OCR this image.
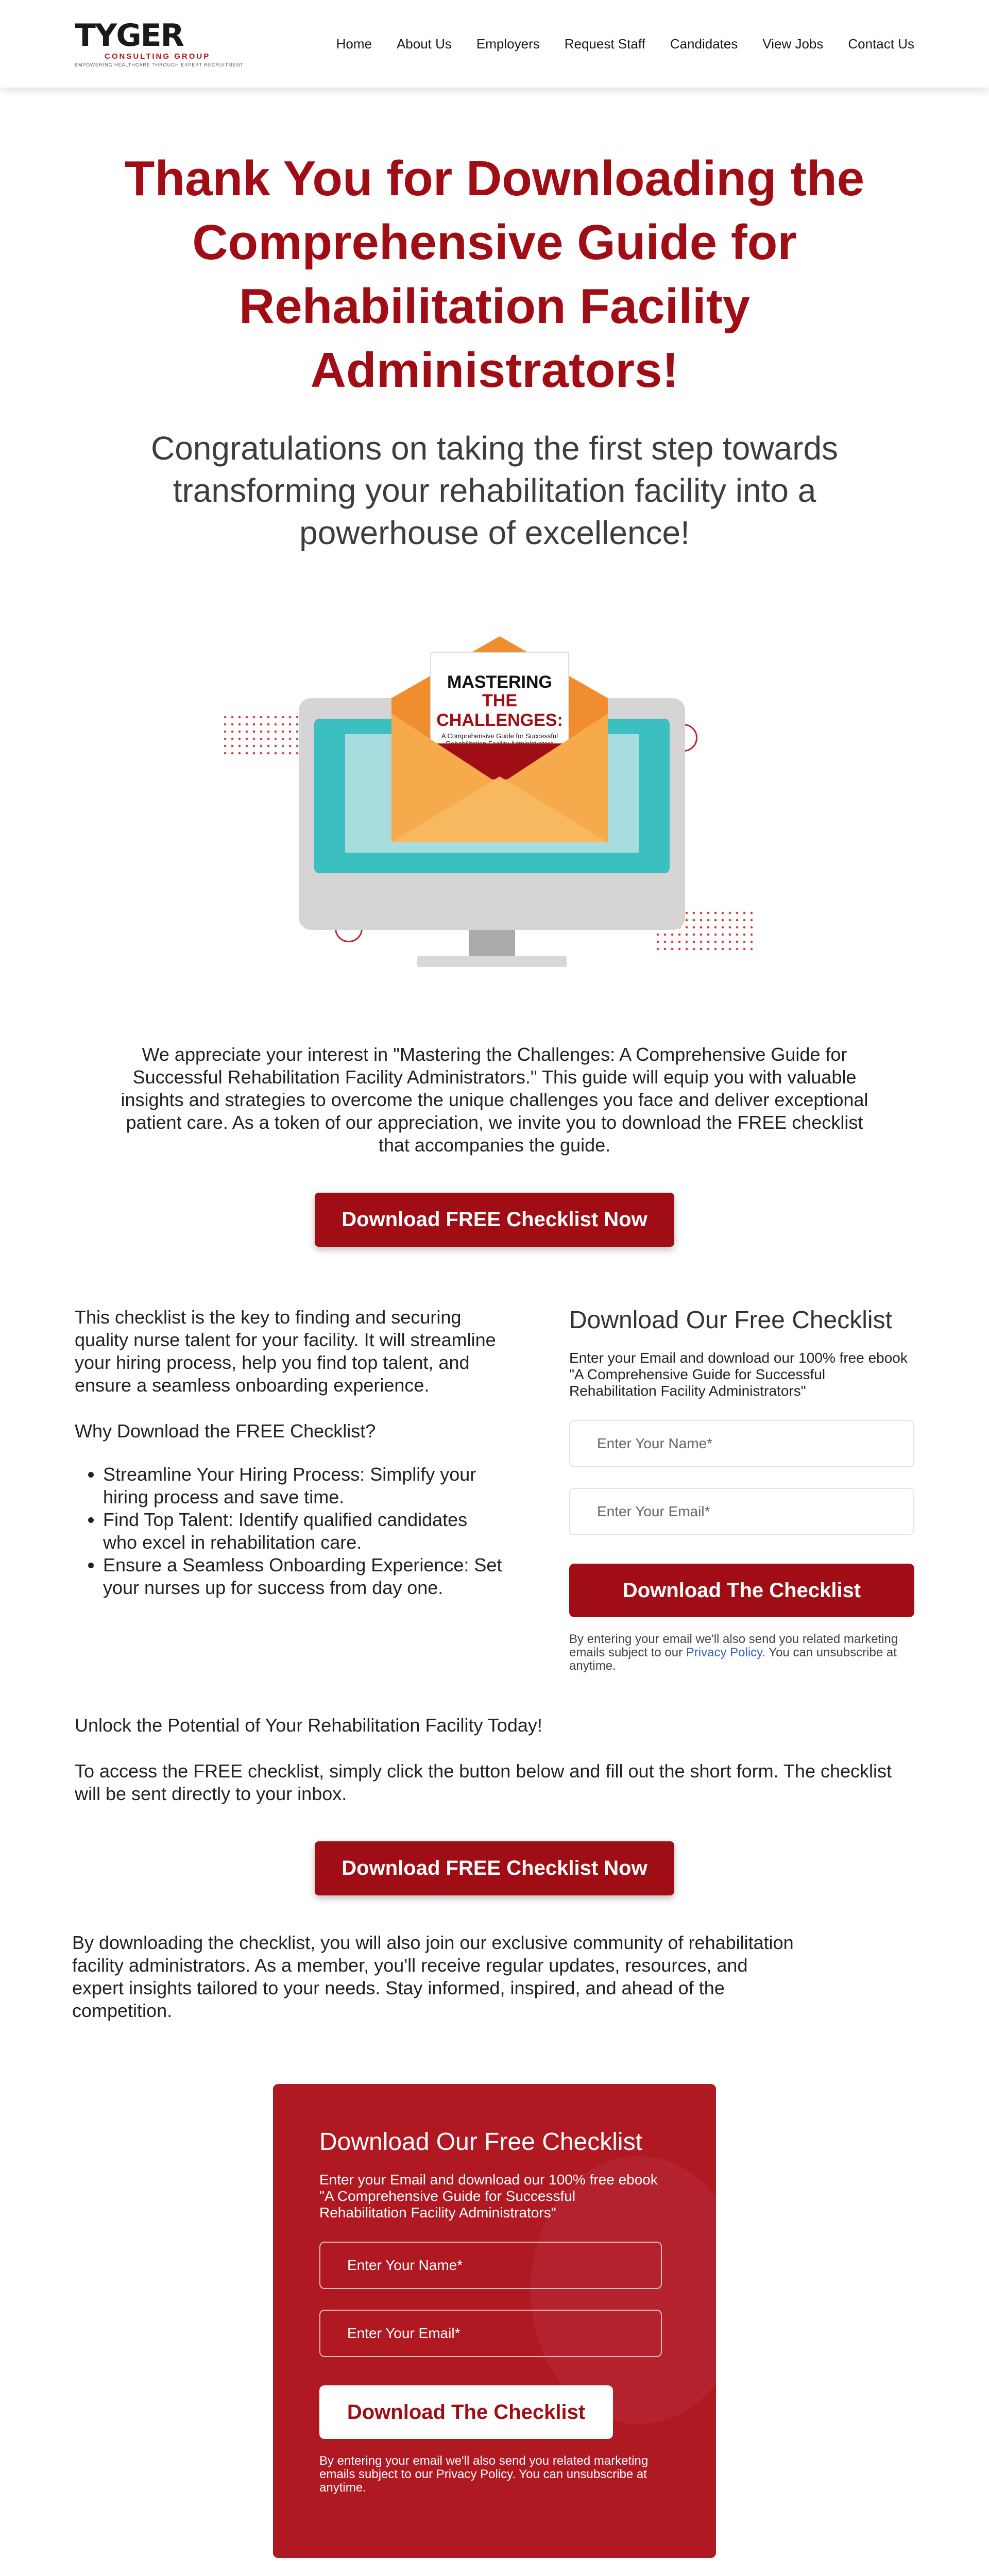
TYGER
CONSULTING GROUP
EMPOWERING HEALTHCARE THROUGH EXPERT RECRUITMENT
Home About Us Employers Request Staff Candidates View Jobs Contact Us
Thank You for Downloading the Comprehensive Guide for Rehabilitation Facility Administrators!
Congratulations on taking the first step towards transforming your rehabilitation facility into a powerhouse of excellence!
MASTERING
THE CHALLENGES:
A Comprehensive Guide for Successful

We appreciate your interest in "Mastering the Challenges: A Comprehensive Guide for Successful Rehabilitation Facility Administrators." This guide will equip you with valuable insights and strategies to overcome the unique challenges you face and deliver exceptional patient care. As a token of our appreciation, we invite you to download the FREE checklist that accompanies the guide.

Download FREE Checklist Now

This checklist is the key to finding and securing quality nurse talent for your facility. It will streamline your hiring process, help you find top talent, and ensure a seamless onboarding experience.

Why Download the FREE Checklist?

• Streamline Your Hiring Process: Simplify your hiring process and save time.
• Find Top Talent: Identify qualified candidates who excel in rehabilitation care.
• Ensure a Seamless Onboarding Experience: Set your nurses up for success from day one.
Download Our Free Checklist
Enter your Email and download our 100% free ebook "A Comprehensive Guide for Successful Rehabilitation Facility Administrators"
Enter Your Name*
Enter Your Email*
Download The Checklist

By entering your email we'll also send you related marketing emails subject to our Privacy Policy. You can unsubscribe at anytime.

Unlock the Potential of Your Rehabilitation Facility Today!

To access the FREE checklist, simply click the button below and fill out the short form. The checklist will be sent directly to your inbox.

Download FREE Checklist Now

By downloading the checklist, you will also join our exclusive community of rehabilitation facility administrators. As a member, you'll receive regular updates, resources, and expert insights tailored to your needs. Stay informed, inspired, and ahead of the competition.

Download Our Free Checklist
Enter your Email and download our 100% free ebook "A Comprehensive Guide for Successful Rehabilitation Facility Administrators"
Enter Your Name*
Enter Your Email*
Download The Checklist

By entering your email we'll also send you related marketing emails subject to our Privacy Policy. You can unsubscribe at anytime.
